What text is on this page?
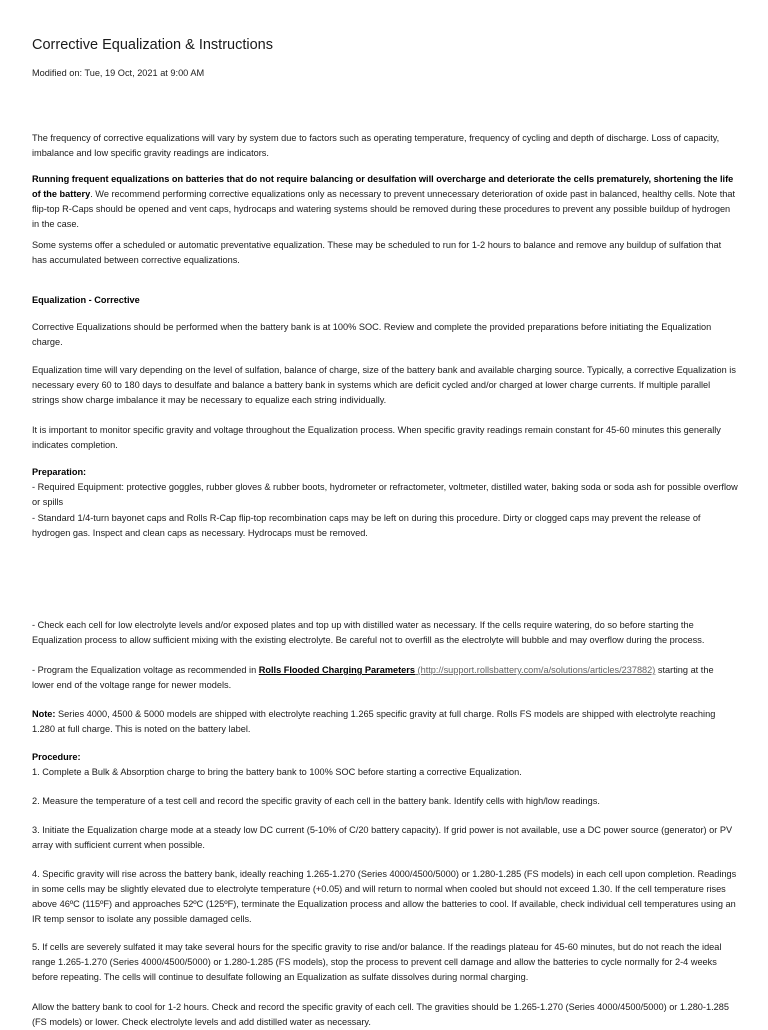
Corrective Equalization & Instructions

Modified on: Tue, 19 Oct, 2021 at 9:00 AM

The frequency of corrective equalizations will vary by system due to factors such as operating temperature, frequency of cycling and depth of discharge. Loss of capacity, imbalance and low specific gravity readings are indicators.

Running frequent equalizations on batteries that do not require balancing or desulfation will overcharge and deteriorate the cells prematurely, shortening the life of the battery. We recommend performing corrective equalizations only as necessary to prevent unnecessary deterioration of oxide past in balanced, healthy cells. Note that flip-top R-Caps should be opened and vent caps, hydrocaps and watering systems should be removed during these procedures to prevent any possible buildup of hydrogen in the case.

Some systems offer a scheduled or automatic preventative equalization. These may be scheduled to run for 1-2 hours to balance and remove any buildup of sulfation that has accumulated between corrective equalizations.

Equalization - Corrective

Corrective Equalizations should be performed when the battery bank is at 100% SOC. Review and complete the provided preparations before initiating the Equalization charge.

Equalization time will vary depending on the level of sulfation, balance of charge, size of the battery bank and available charging source. Typically, a corrective Equalization is necessary every 60 to 180 days to desulfate and balance a battery bank in systems which are deficit cycled and/or charged at lower charge currents. If multiple parallel strings show charge imbalance it may be necessary to equalize each string individually.

It is important to monitor specific gravity and voltage throughout the Equalization process. When specific gravity readings remain constant for 45-60 minutes this generally indicates completion.

Preparation:

- Required Equipment: protective goggles, rubber gloves & rubber boots, hydrometer or refractometer, voltmeter, distilled water, baking soda or soda ash for possible overflow or spills

- Standard 1/4-turn bayonet caps and Rolls R-Cap flip-top recombination caps may be left on during this procedure. Dirty or clogged caps may prevent the release of hydrogen gas. Inspect and clean caps as necessary. Hydrocaps must be removed.

- Check each cell for low electrolyte levels and/or exposed plates and top up with distilled water as necessary. If the cells require watering, do so before starting the Equalization process to allow sufficient mixing with the existing electrolyte. Be careful not to overfill as the electrolyte will bubble and may overflow during the process.

- Program the Equalization voltage as recommended in Rolls Flooded Charging Parameters (http://support.rollsbattery.com/a/solutions/articles/237882) starting at the lower end of the voltage range for newer models.

Note: Series 4000, 4500 & 5000 models are shipped with electrolyte reaching 1.265 specific gravity at full charge. Rolls FS models are shipped with electrolyte reaching 1.280 at full charge. This is noted on the battery label.

Procedure:

1. Complete a Bulk & Absorption charge to bring the battery bank to 100% SOC before starting a corrective Equalization.

2. Measure the temperature of a test cell and record the specific gravity of each cell in the battery bank. Identify cells with high/low readings.

3. Initiate the Equalization charge mode at a steady low DC current (5-10% of C/20 battery capacity). If grid power is not available, use a DC power source (generator) or PV array with sufficient current when possible.

4. Specific gravity will rise across the battery bank, ideally reaching 1.265-1.270 (Series 4000/4500/5000) or 1.280-1.285 (FS models) in each cell upon completion. Readings in some cells may be slightly elevated due to electrolyte temperature (+0.05) and will return to normal when cooled but should not exceed 1.30. If the cell temperature rises above 46ºC (115ºF) and approaches 52ºC (125ºF), terminate the Equalization process and allow the batteries to cool. If available, check individual cell temperatures using an IR temp sensor to isolate any possible damaged cells.

5. If cells are severely sulfated it may take several hours for the specific gravity to rise and/or balance. If the readings plateau for 45-60 minutes, but do not reach the ideal range 1.265-1.270 (Series 4000/4500/5000) or 1.280-1.285 (FS models), stop the process to prevent cell damage and allow the batteries to cycle normally for 2-4 weeks before repeating. The cells will continue to desulfate following an Equalization as sulfate dissolves during normal charging.

Allow the battery bank to cool for 1-2 hours. Check and record the specific gravity of each cell. The gravities should be 1.265-1.270 (Series 4000/4500/5000) or 1.280-1.285 (FS models) or lower. Check electrolyte levels and add distilled water as necessary.
